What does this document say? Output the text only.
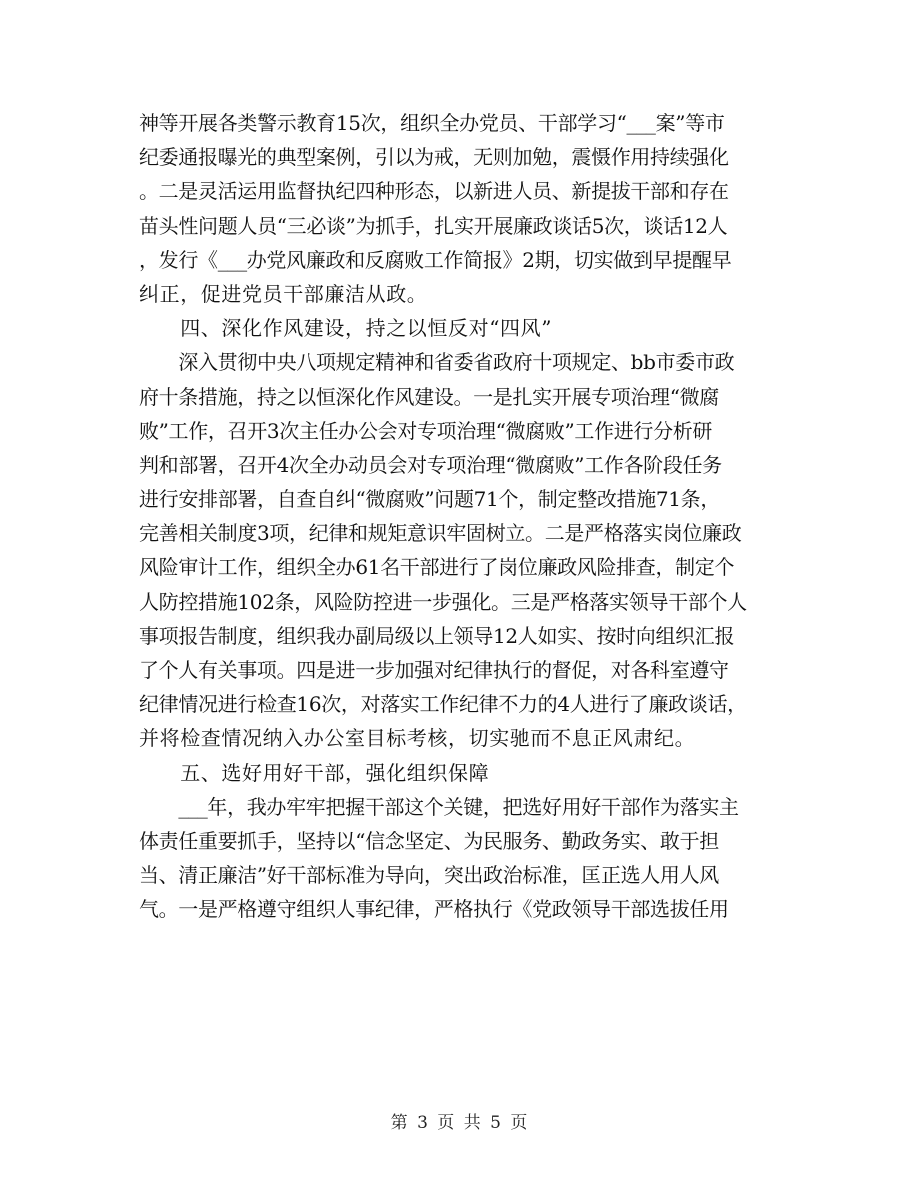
神等开展各类警示教育15次，组织全办党员、干部学习“___案”等市
纪委通报曝光的典型案例，引以为戒，无则加勉，震慑作用持续强化
。二是灵活运用监督执纪四种形态，以新进人员、新提拔干部和存在
苗头性问题人员“三必谈”为抓手，扎实开展廉政谈话5次，谈话12人
，发行《___办党风廉政和反腐败工作简报》2期，切实做到早提醒早
纠正，促进党员干部廉洁从政。
　　四、深化作风建设，持之以恒反对“四风”
　　深入贯彻中央八项规定精神和省委省政府十项规定、bb市委市政
府十条措施，持之以恒深化作风建设。一是扎实开展专项治理“微腐
败”工作，召开3次主任办公会对专项治理“微腐败”工作进行分析研
判和部署，召开4次全办动员会对专项治理“微腐败”工作各阶段任务
进行安排部署，自查自纠“微腐败”问题71个，制定整改措施71条，
完善相关制度3项，纪律和规矩意识牢固树立。二是严格落实岗位廉政
风险审计工作，组织全办61名干部进行了岗位廉政风险排查，制定个
人防控措施102条，风险防控进一步强化。三是严格落实领导干部个人
事项报告制度，组织我办副局级以上领导12人如实、按时向组织汇报
了个人有关事项。四是进一步加强对纪律执行的督促，对各科室遵守
纪律情况进行检查16次，对落实工作纪律不力的4人进行了廉政谈话，
并将检查情况纳入办公室目标考核，切实驰而不息正风肃纪。
　　五、选好用好干部，强化组织保障
　　___年，我办牢牢把握干部这个关键，把选好用好干部作为落实主
体责任重要抓手，坚持以“信念坚定、为民服务、勤政务实、敢于担
当、清正廉洁”好干部标准为导向，突出政治标准，匡正选人用人风
气。一是严格遵守组织人事纪律，严格执行《党政领导干部选拔任用
第 3 页 共 5 页
